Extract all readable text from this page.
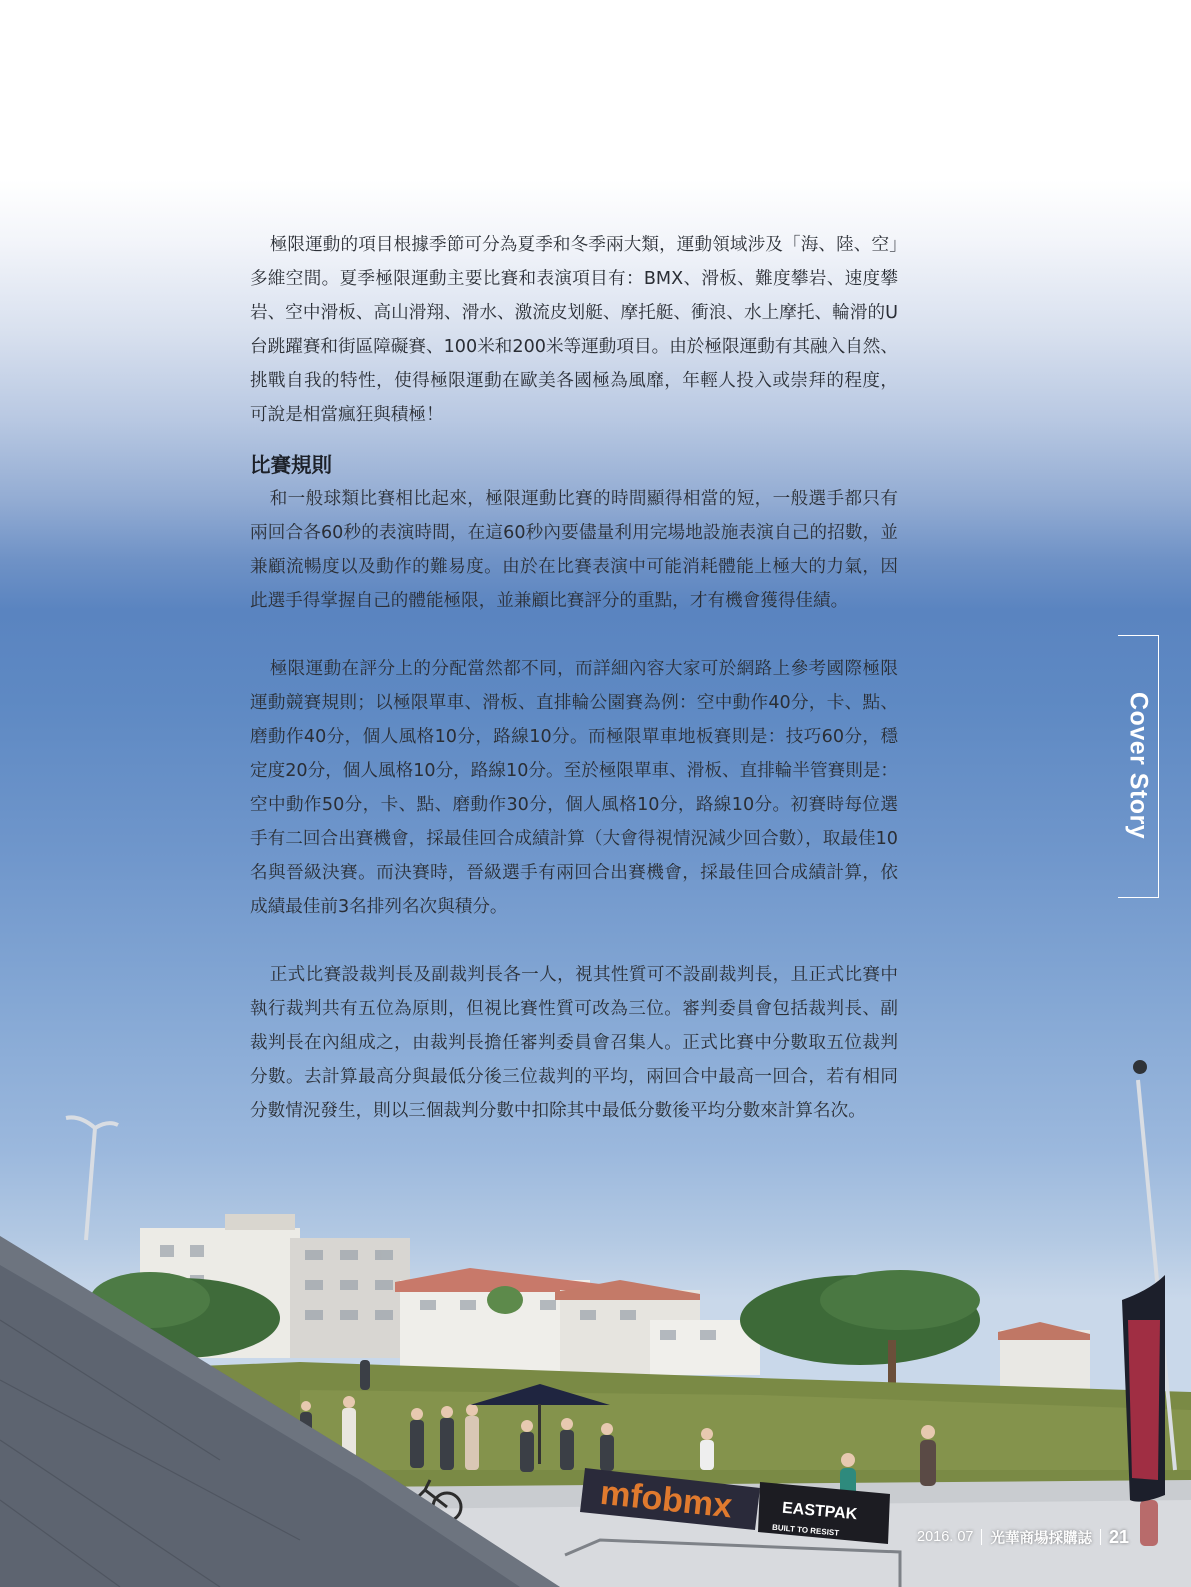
mfobmx	EASTPAK
BUILT TO RESIST

極限運動的項目根據季節可分為夏季和冬季兩大類，運動領域涉及「海、陸、空」多維空間。夏季極限運動主要比賽和表演項目有：BMX、滑板、難度攀岩、速度攀岩、空中滑板、高山滑翔、滑水、激流皮划艇、摩托艇、衝浪、水上摩托、輪滑的U台跳躍賽和街區障礙賽、100米和200米等運動項目。由於極限運動有其融入自然、挑戰自我的特性，使得極限運動在歐美各國極為風靡，年輕人投入或崇拜的程度，可說是相當瘋狂與積極！

比賽規則

和一般球類比賽相比起來，極限運動比賽的時間顯得相當的短，一般選手都只有兩回合各60秒的表演時間，在這60秒內要儘量利用完場地設施表演自己的招數，並兼顧流暢度以及動作的難易度。由於在比賽表演中可能消耗體能上極大的力氣，因此選手得掌握自己的體能極限，並兼顧比賽評分的重點，才有機會獲得佳績。

極限運動在評分上的分配當然都不同，而詳細內容大家可於網路上參考國際極限運動競賽規則；以極限單車、滑板、直排輪公園賽為例：空中動作40分，卡、點、磨動作40分，個人風格10分，路線10分。而極限單車地板賽則是：技巧60分，穩定度20分，個人風格10分，路線10分。至於極限單車、滑板、直排輪半管賽則是：空中動作50分，卡、點、磨動作30分，個人風格10分，路線10分。初賽時每位選手有二回合出賽機會，採最佳回合成績計算（大會得視情況減少回合數），取最佳10名與晉級決賽。而決賽時，晉級選手有兩回合出賽機會，採最佳回合成績計算，依成績最佳前3名排列名次與積分。

正式比賽設裁判長及副裁判長各一人，視其性質可不設副裁判長，且正式比賽中執行裁判共有五位為原則，但視比賽性質可改為三位。審判委員會包括裁判長、副裁判長在內組成之，由裁判長擔任審判委員會召集人。正式比賽中分數取五位裁判分數。去計算最高分與最低分後三位裁判的平均，兩回合中最高一回合，若有相同分數情況發生，則以三個裁判分數中扣除其中最低分數後平均分數來計算名次。

Cover Story
2016. 07 光華商場採購誌 21
